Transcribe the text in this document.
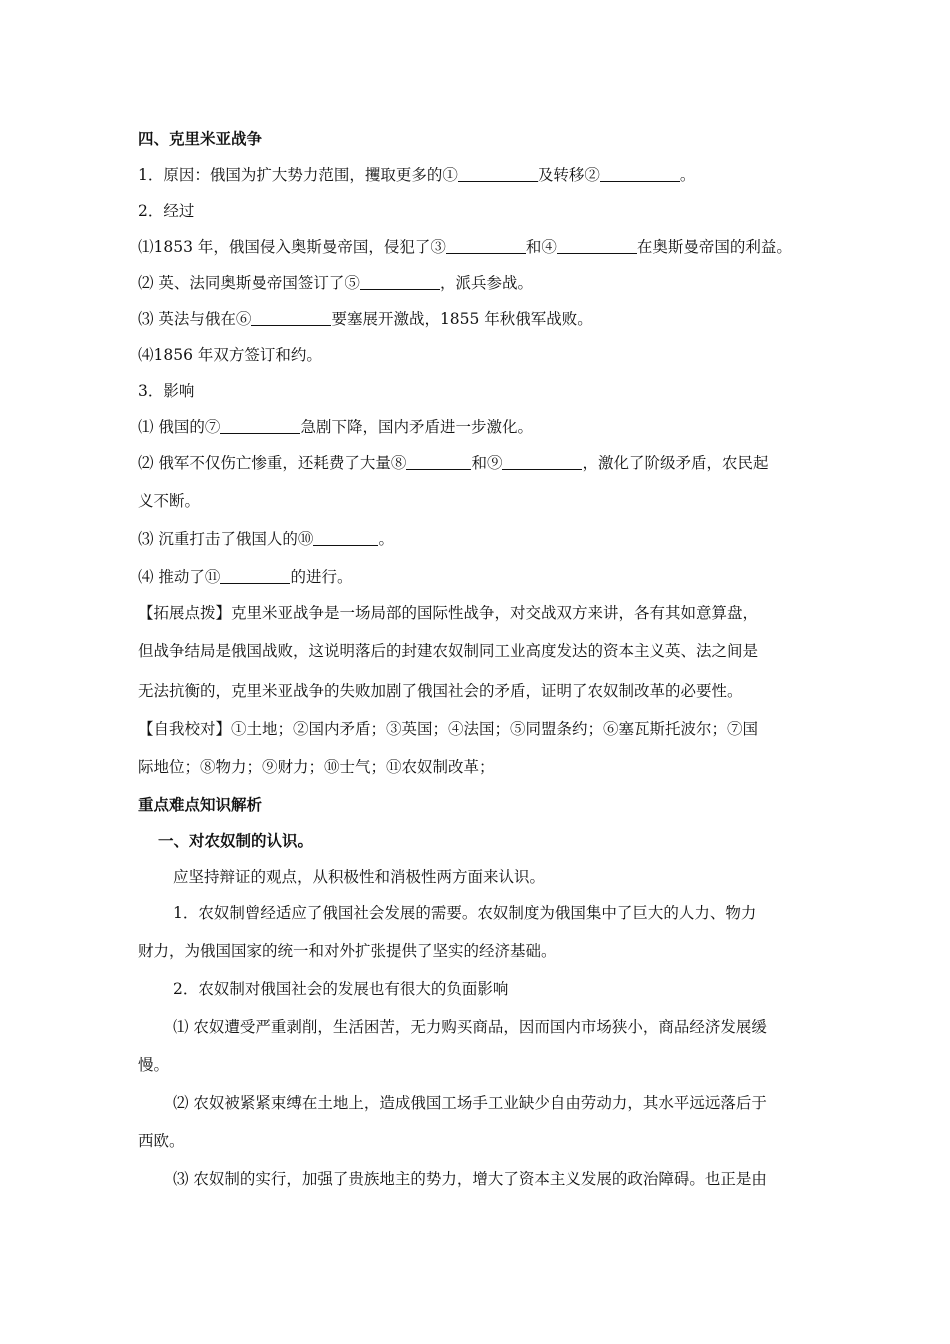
四、克里米亚战争
1．原因：俄国为扩大势力范围，攫取更多的①	及转移②	。
2．经过
⑴1853 年，俄国侵入奥斯曼帝国，侵犯了③	和④	在奥斯曼帝国的利益。
⑵ 英、法同奥斯曼帝国签订了⑤	，派兵参战。
⑶ 英法与俄在⑥	要塞展开激战，1855 年秋俄军战败。
⑷1856 年双方签订和约。
3．影响
⑴ 俄国的⑦	急剧下降，国内矛盾进一步激化。
⑵ 俄军不仅伤亡惨重，还耗费了大量⑧	和⑨	，激化了阶级矛盾，农民起
义不断。
⑶ 沉重打击了俄国人的⑩	。
⑷ 推动了⑪	的进行。
【拓展点拨】克里米亚战争是一场局部的国际性战争，对交战双方来讲，各有其如意算盘，
但战争结局是俄国战败，这说明落后的封建农奴制同工业高度发达的资本主义英、法之间是
无法抗衡的，克里米亚战争的失败加剧了俄国社会的矛盾，证明了农奴制改革的必要性。
【自我校对】①土地；②国内矛盾；③英国；④法国；⑤同盟条约；⑥塞瓦斯托波尔；⑦国
际地位；⑧物力；⑨财力；⑩士气；⑪农奴制改革；
重点难点知识解析
一、对农奴制的认识。
应坚持辩证的观点，从积极性和消极性两方面来认识。
1．农奴制曾经适应了俄国社会发展的需要。农奴制度为俄国集中了巨大的人力、物力
财力，为俄国国家的统一和对外扩张提供了坚实的经济基础。
2．农奴制对俄国社会的发展也有很大的负面影响
⑴ 农奴遭受严重剥削，生活困苦，无力购买商品，因而国内市场狭小，商品经济发展缓
慢。
⑵ 农奴被紧紧束缚在土地上，造成俄国工场手工业缺少自由劳动力，其水平远远落后于
西欧。
⑶ 农奴制的实行，加强了贵族地主的势力，增大了资本主义发展的政治障碍。也正是由
